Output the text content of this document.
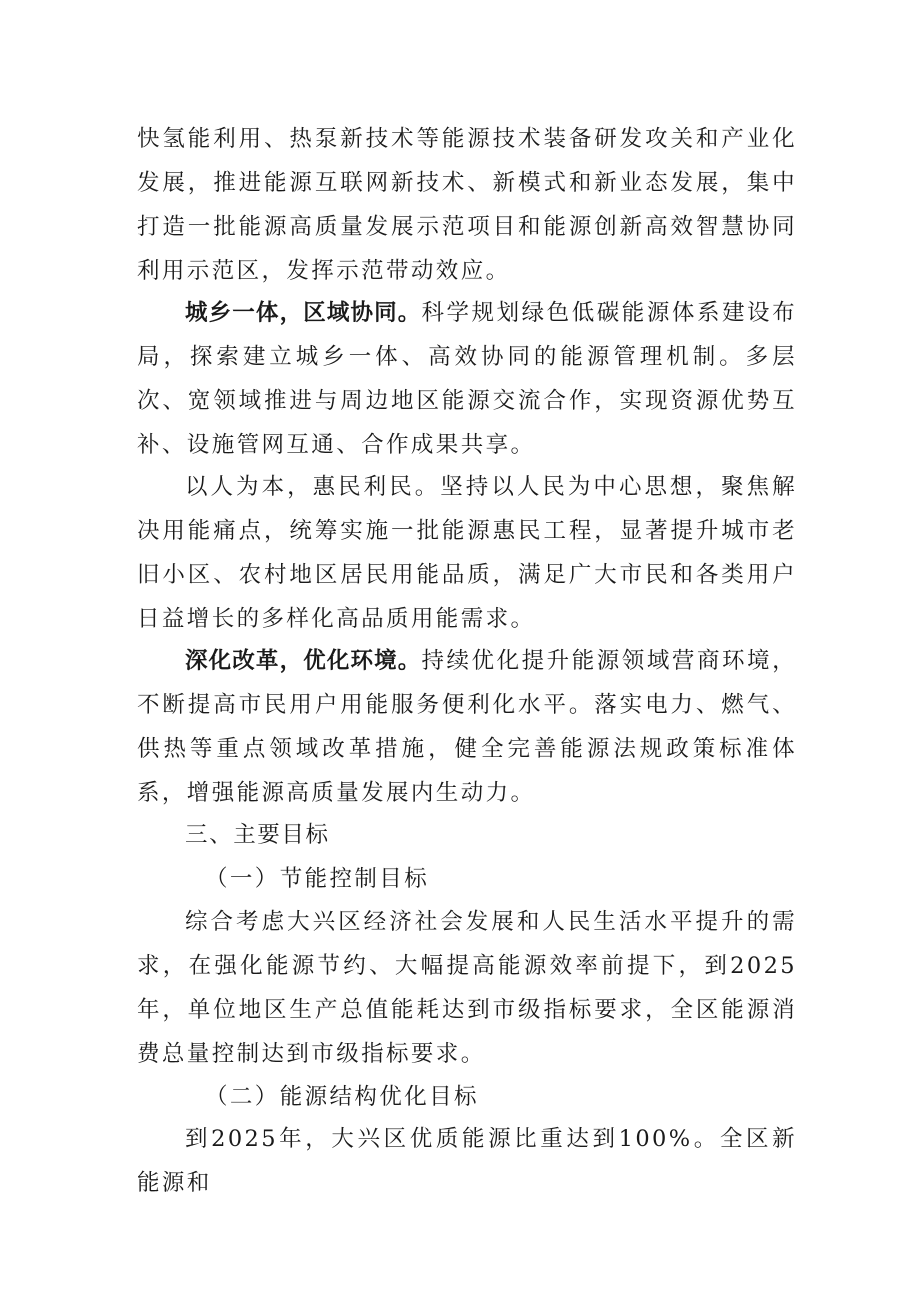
快氢能利用、热泵新技术等能源技术装备研发攻关和产业化发展，推进能源互联网新技术、新模式和新业态发展，集中打造一批能源高质量发展示范项目和能源创新高效智慧协同利用示范区，发挥示范带动效应。

城乡一体，区域协同。科学规划绿色低碳能源体系建设布局，探索建立城乡一体、高效协同的能源管理机制。多层次、宽领域推进与周边地区能源交流合作，实现资源优势互补、设施管网互通、合作成果共享。

以人为本，惠民利民。坚持以人民为中心思想，聚焦解决用能痛点，统筹实施一批能源惠民工程，显著提升城市老旧小区、农村地区居民用能品质，满足广大市民和各类用户日益增长的多样化高品质用能需求。

深化改革，优化环境。持续优化提升能源领域营商环境，不断提高市民用户用能服务便利化水平。落实电力、燃气、供热等重点领域改革措施，健全完善能源法规政策标准体系，增强能源高质量发展内生动力。

三、主要目标

（一）节能控制目标

综合考虑大兴区经济社会发展和人民生活水平提升的需求，在强化能源节约、大幅提高能源效率前提下，到2025年，单位地区生产总值能耗达到市级指标要求，全区能源消费总量控制达到市级指标要求。

（二）能源结构优化目标

到2025年，大兴区优质能源比重达到100%。全区新能源和
